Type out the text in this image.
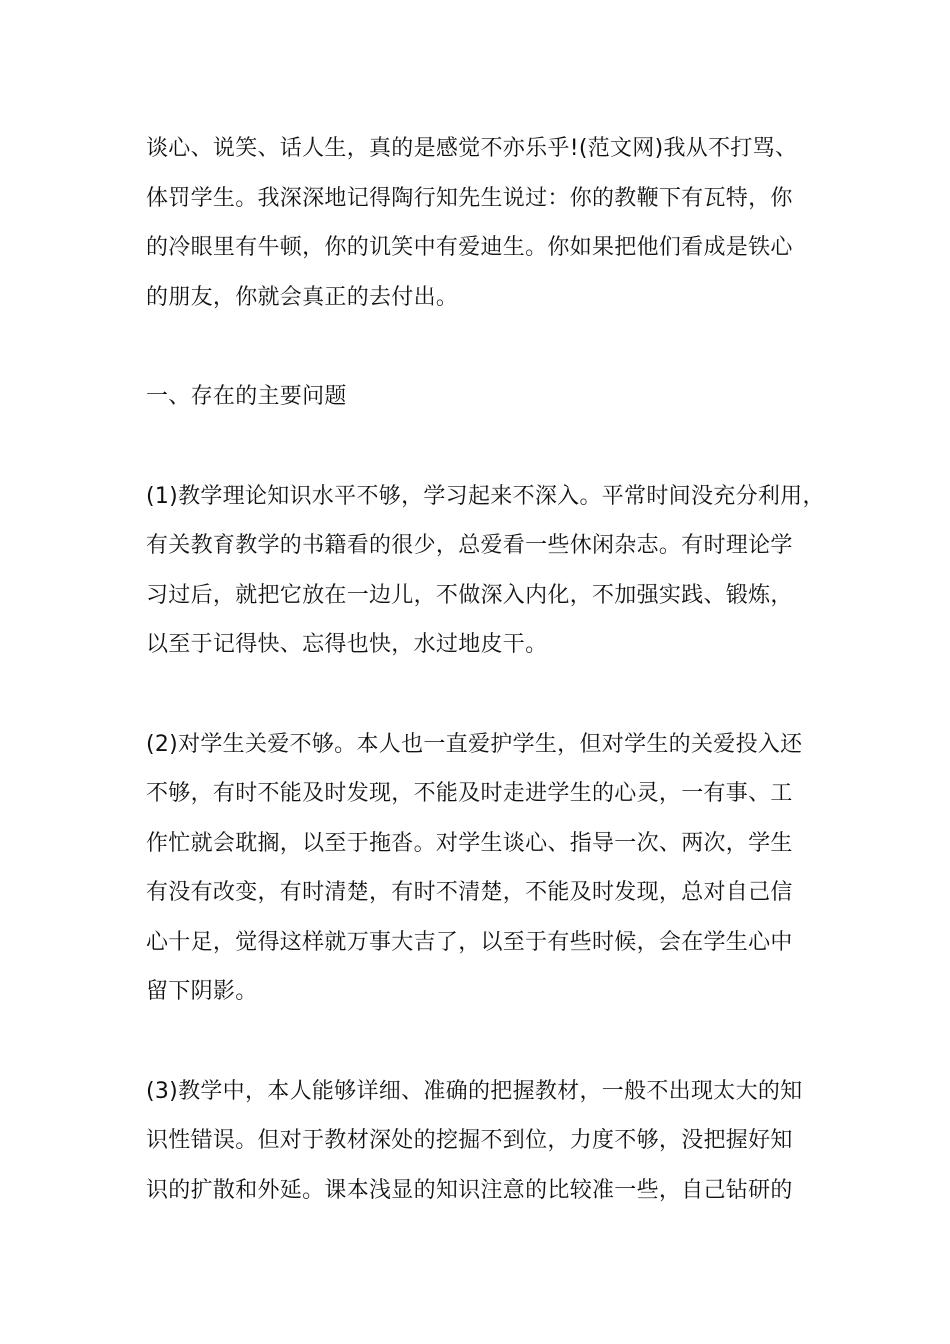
谈心、说笑、话人生，真的是感觉不亦乐乎!(范文网)我从不打骂、
体罚学生。我深深地记得陶行知先生说过：你的教鞭下有瓦特，你
的冷眼里有牛顿，你的讥笑中有爱迪生。你如果把他们看成是铁心
的朋友，你就会真正的去付出。
一、存在的主要问题
(1)教学理论知识水平不够，学习起来不深入。平常时间没充分利用，
有关教育教学的书籍看的很少，总爱看一些休闲杂志。有时理论学
习过后，就把它放在一边儿，不做深入内化，不加强实践、锻炼，
以至于记得快、忘得也快，水过地皮干。
(2)对学生关爱不够。本人也一直爱护学生，但对学生的关爱投入还
不够，有时不能及时发现，不能及时走进学生的心灵，一有事、工
作忙就会耽搁，以至于拖沓。对学生谈心、指导一次、两次，学生
有没有改变，有时清楚，有时不清楚，不能及时发现，总对自己信
心十足，觉得这样就万事大吉了，以至于有些时候，会在学生心中
留下阴影。
(3)教学中，本人能够详细、准确的把握教材，一般不出现太大的知
识性错误。但对于教材深处的挖掘不到位，力度不够，没把握好知
识的扩散和外延。课本浅显的知识注意的比较准一些，自己钻研的
